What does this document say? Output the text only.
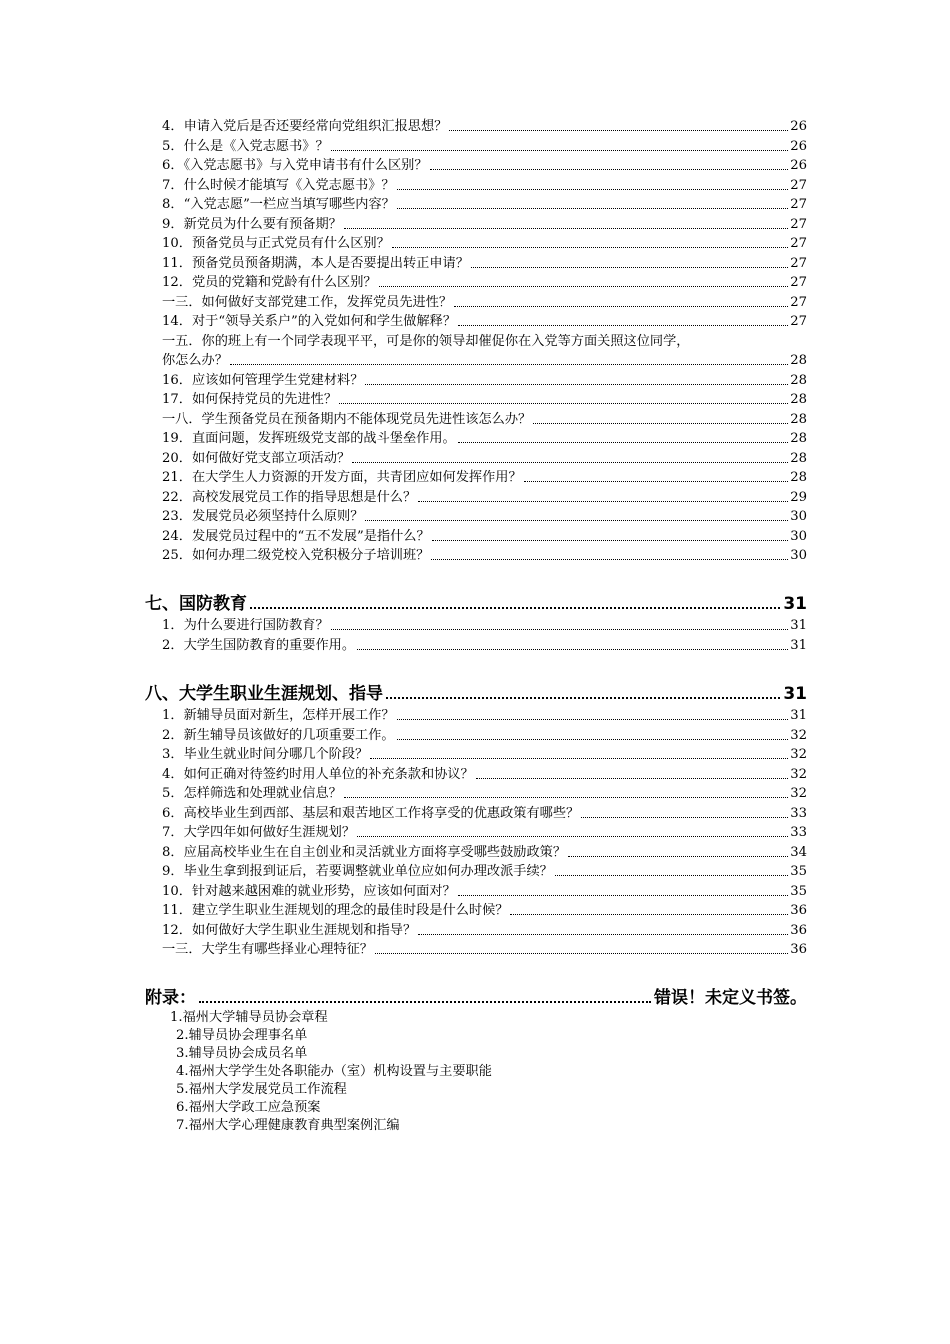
4．申请入党后是否还要经常向党组织汇报思想？	26
5．什么是《入党志愿书》？	26
6．《入党志愿书》与入党申请书有什么区别？	26
7．什么时候才能填写《入党志愿书》？	27
8．“入党志愿”一栏应当填写哪些内容？	27
9．新党员为什么要有预备期？	27
10．预备党员与正式党员有什么区别？	27
11．预备党员预备期满，本人是否要提出转正申请？	27
12．党员的党籍和党龄有什么区别？	27
一三．如何做好支部党建工作，发挥党员先进性？	27
14．对于“领导关系户”的入党如何和学生做解释？	27
一五．你的班上有一个同学表现平平，可是你的领导却催促你在入党等方面关照这位同学，
你怎么办？	28
16．应该如何管理学生党建材料？	28
17．如何保持党员的先进性？	28
一八．学生预备党员在预备期内不能体现党员先进性该怎么办？	28
19．直面问题，发挥班级党支部的战斗堡垒作用。	28
20．如何做好党支部立项活动？	28
21．在大学生人力资源的开发方面，共青团应如何发挥作用？	28
22．高校发展党员工作的指导思想是什么？	29
23．发展党员必须坚持什么原则？	30
24．发展党员过程中的“五不发展”是指什么？	30
25．如何办理二级党校入党积极分子培训班？	30
七、国防教育	31
1．为什么要进行国防教育？	31
2．大学生国防教育的重要作用。	31
八、大学生职业生涯规划、指导	31
1．新辅导员面对新生，怎样开展工作？	31
2．新生辅导员该做好的几项重要工作。	32
3．毕业生就业时间分哪几个阶段？	32
4．如何正确对待签约时用人单位的补充条款和协议？	32
5．怎样筛选和处理就业信息？	32
6．高校毕业生到西部、基层和艰苦地区工作将享受的优惠政策有哪些？	33
7．大学四年如何做好生涯规划？	33
8．应届高校毕业生在自主创业和灵活就业方面将享受哪些鼓励政策？	34
9．毕业生拿到报到证后，若要调整就业单位应如何办理改派手续？	35
10．针对越来越困难的就业形势，应该如何面对？	35
11．建立学生职业生涯规划的理念的最佳时段是什么时候？	36
12．如何做好大学生职业生涯规划和指导？	36
一三．大学生有哪些择业心理特征？	36
附录：	错误！未定义书签。
1.福州大学辅导员协会章程
2.辅导员协会理事名单
3.辅导员协会成员名单
4.福州大学学生处各职能办（室）机构设置与主要职能
5.福州大学发展党员工作流程
6.福州大学政工应急预案
7.福州大学心理健康教育典型案例汇编
